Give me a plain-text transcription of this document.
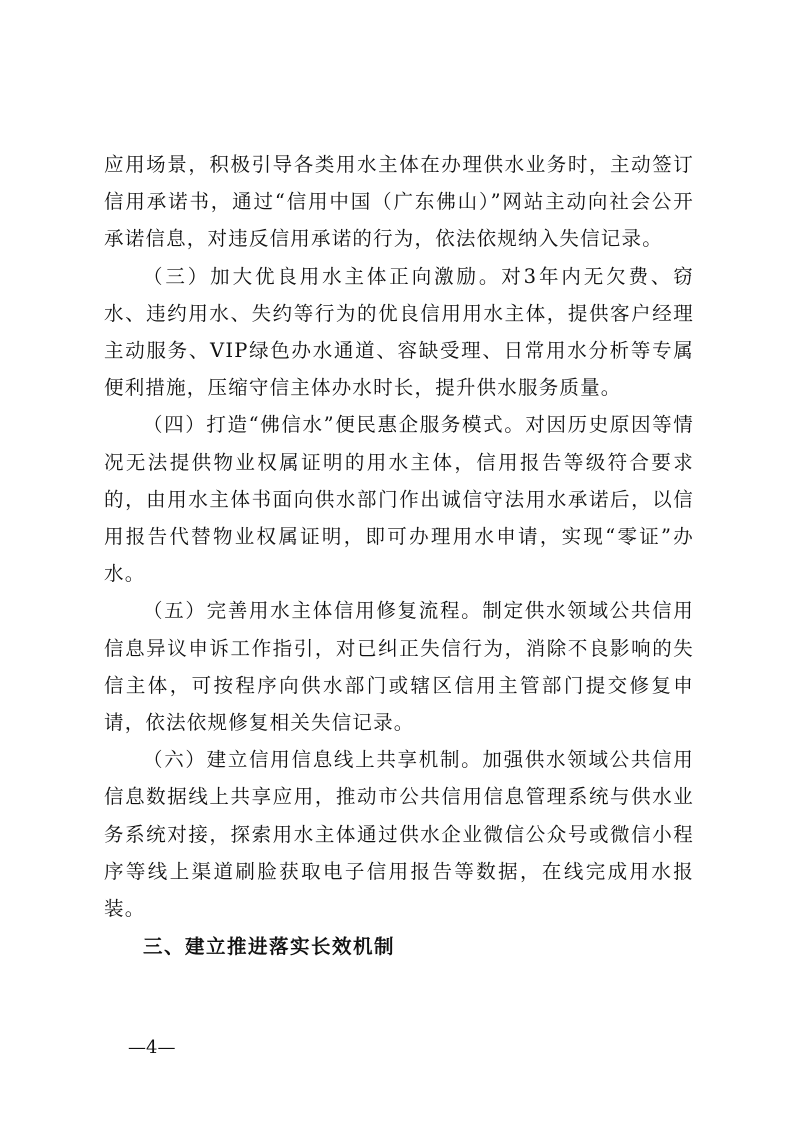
应用场景，积极引导各类用水主体在办理供水业务时，主动签订信用承诺书，通过“信用中国（广东佛山）”网站主动向社会公开承诺信息，对违反信用承诺的行为，依法依规纳入失信记录。

（三）加大优良用水主体正向激励。对3年内无欠费、窃水、违约用水、失约等行为的优良信用用水主体，提供客户经理主动服务、VIP绿色办水通道、容缺受理、日常用水分析等专属便利措施，压缩守信主体办水时长，提升供水服务质量。

（四）打造“佛信水”便民惠企服务模式。对因历史原因等情况无法提供物业权属证明的用水主体，信用报告等级符合要求的，由用水主体书面向供水部门作出诚信守法用水承诺后，以信用报告代替物业权属证明，即可办理用水申请，实现“零证”办水。

（五）完善用水主体信用修复流程。制定供水领域公共信用信息异议申诉工作指引，对已纠正失信行为，消除不良影响的失信主体，可按程序向供水部门或辖区信用主管部门提交修复申请，依法依规修复相关失信记录。

（六）建立信用信息线上共享机制。加强供水领域公共信用信息数据线上共享应用，推动市公共信用信息管理系统与供水业务系统对接，探索用水主体通过供水企业微信公众号或微信小程序等线上渠道刷脸获取电子信用报告等数据，在线完成用水报装。

三、建立推进落实长效机制
—4—
